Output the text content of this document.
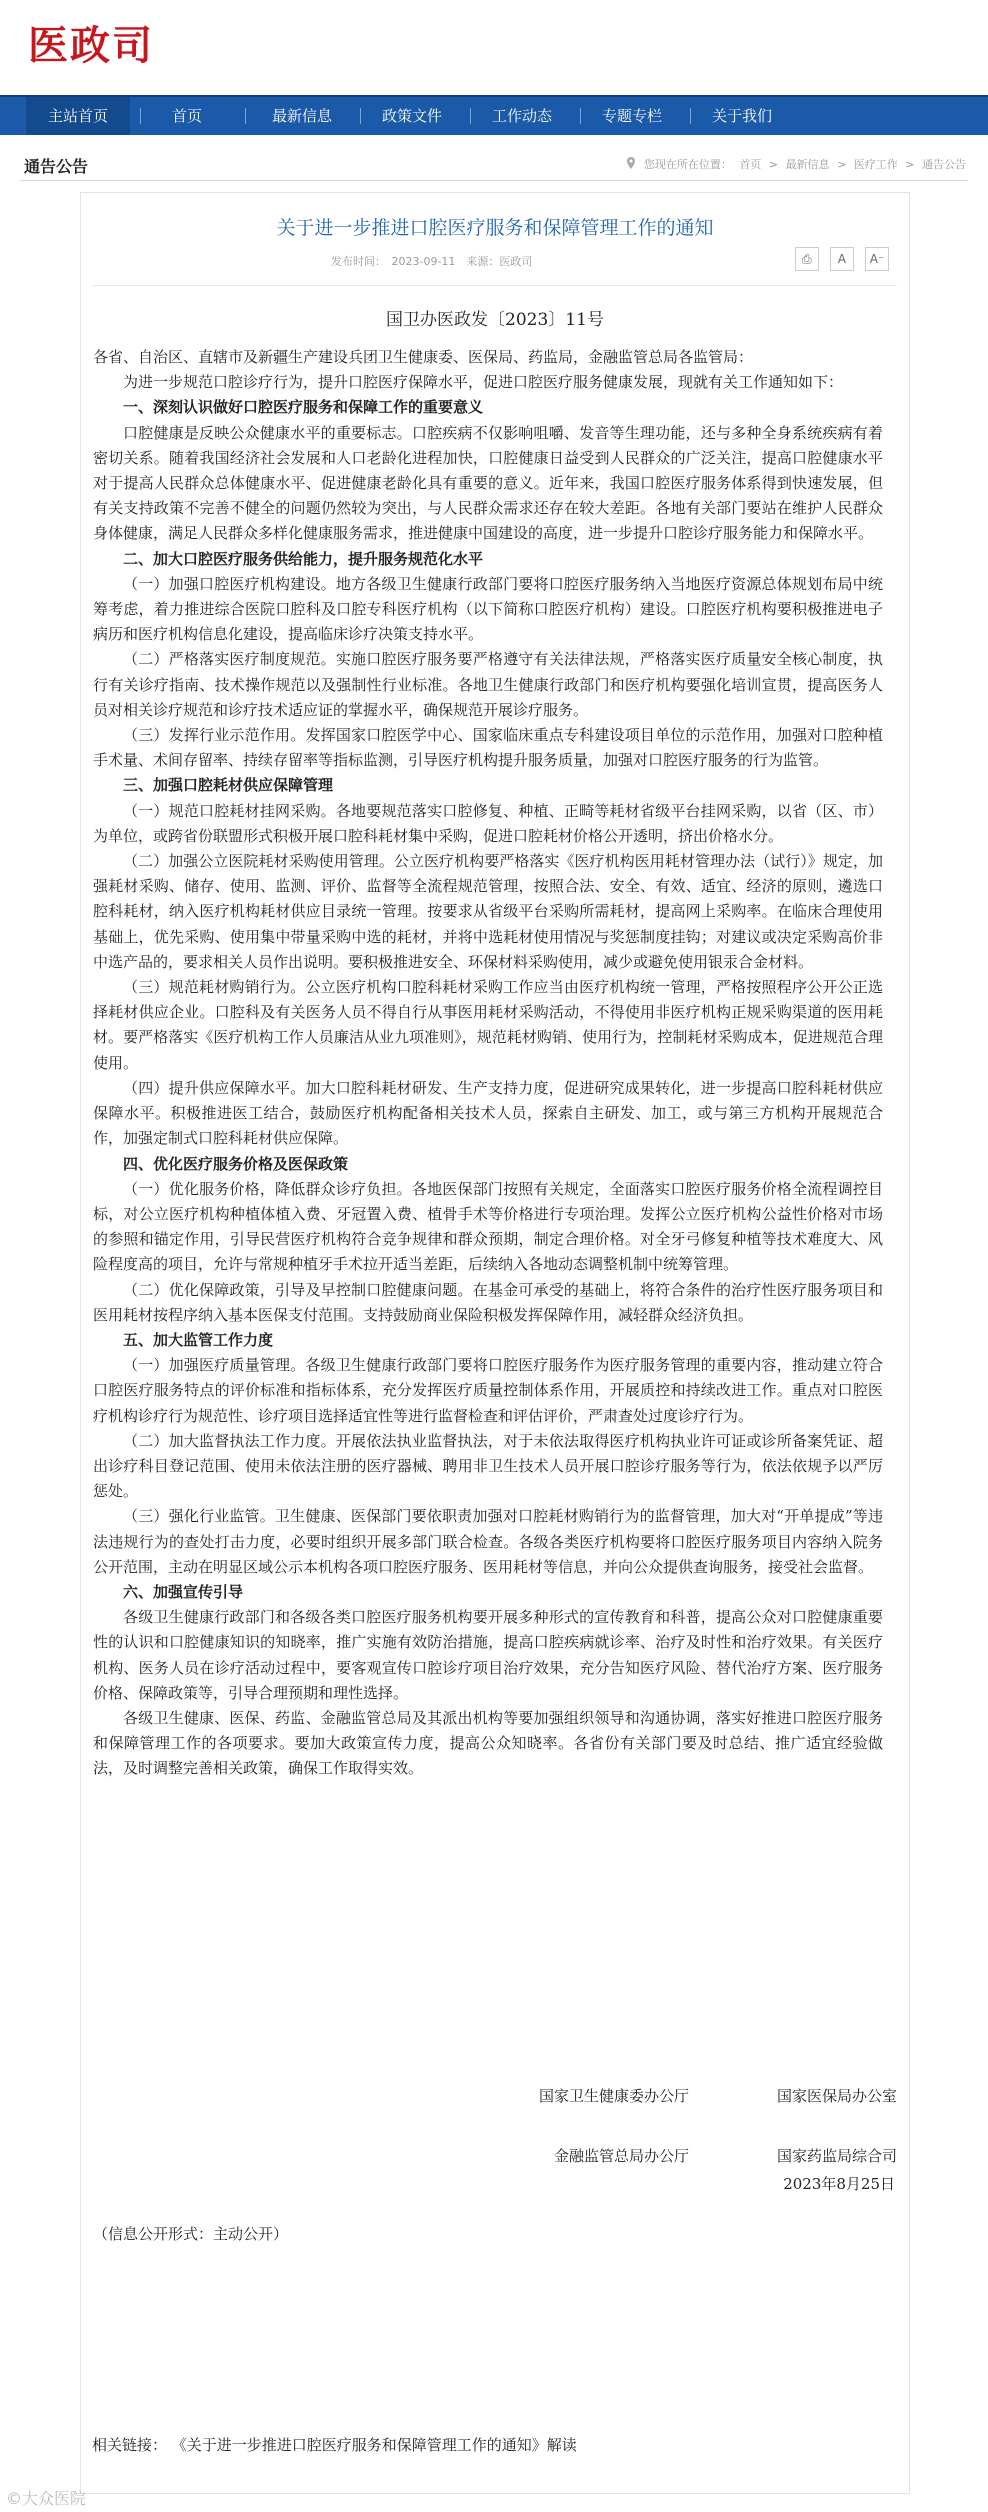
医政司
主站首页	首页	最新信息	政策文件	工作动态	专题专栏	关于我们
通告公告	您现在所在位置： 首页 > 最新信息 > 医疗工作 > 通告公告
关于进一步推进口腔医疗服务和保障管理工作的通知
发布时间：　2023-09-11　来源：医政司	⎙ A A⁻
国卫办医政发〔2023〕11号

各省、自治区、直辖市及新疆生产建设兵团卫生健康委、医保局、药监局，金融监管总局各监管局：

为进一步规范口腔诊疗行为，提升口腔医疗保障水平，促进口腔医疗服务健康发展，现就有关工作通知如下：

一、深刻认识做好口腔医疗服务和保障工作的重要意义

口腔健康是反映公众健康水平的重要标志。口腔疾病不仅影响咀嚼、发音等生理功能，还与多种全身系统疾病有着密切关系。随着我国经济社会发展和人口老龄化进程加快，口腔健康日益受到人民群众的广泛关注，提高口腔健康水平对于提高人民群众总体健康水平、促进健康老龄化具有重要的意义。近年来，我国口腔医疗服务体系得到快速发展，但有关支持政策不完善不健全的问题仍然较为突出，与人民群众需求还存在较大差距。各地有关部门要站在维护人民群众身体健康，满足人民群众多样化健康服务需求，推进健康中国建设的高度，进一步提升口腔诊疗服务能力和保障水平。

二、加大口腔医疗服务供给能力，提升服务规范化水平

（一）加强口腔医疗机构建设。地方各级卫生健康行政部门要将口腔医疗服务纳入当地医疗资源总体规划布局中统筹考虑，着力推进综合医院口腔科及口腔专科医疗机构（以下简称口腔医疗机构）建设。口腔医疗机构要积极推进电子病历和医疗机构信息化建设，提高临床诊疗决策支持水平。

（二）严格落实医疗制度规范。实施口腔医疗服务要严格遵守有关法律法规，严格落实医疗质量安全核心制度，执行有关诊疗指南、技术操作规范以及强制性行业标准。各地卫生健康行政部门和医疗机构要强化培训宣贯，提高医务人员对相关诊疗规范和诊疗技术适应证的掌握水平，确保规范开展诊疗服务。

（三）发挥行业示范作用。发挥国家口腔医学中心、国家临床重点专科建设项目单位的示范作用，加强对口腔种植手术量、术间存留率、持续存留率等指标监测，引导医疗机构提升服务质量，加强对口腔医疗服务的行为监管。

三、加强口腔耗材供应保障管理

（一）规范口腔耗材挂网采购。各地要规范落实口腔修复、种植、正畸等耗材省级平台挂网采购，以省（区、市）为单位，或跨省份联盟形式积极开展口腔科耗材集中采购，促进口腔耗材价格公开透明，挤出价格水分。

（二）加强公立医院耗材采购使用管理。公立医疗机构要严格落实《医疗机构医用耗材管理办法（试行）》规定，加强耗材采购、储存、使用、监测、评价、监督等全流程规范管理，按照合法、安全、有效、适宜、经济的原则，遴选口腔科耗材，纳入医疗机构耗材供应目录统一管理。按要求从省级平台采购所需耗材，提高网上采购率。在临床合理使用基础上，优先采购、使用集中带量采购中选的耗材，并将中选耗材使用情况与奖惩制度挂钩；对建议或决定采购高价非中选产品的，要求相关人员作出说明。要积极推进安全、环保材料采购使用，减少或避免使用银汞合金材料。

（三）规范耗材购销行为。公立医疗机构口腔科耗材采购工作应当由医疗机构统一管理，严格按照程序公开公正选择耗材供应企业。口腔科及有关医务人员不得自行从事医用耗材采购活动，不得使用非医疗机构正规采购渠道的医用耗材。要严格落实《医疗机构工作人员廉洁从业九项准则》，规范耗材购销、使用行为，控制耗材采购成本，促进规范合理使用。

（四）提升供应保障水平。加大口腔科耗材研发、生产支持力度，促进研究成果转化，进一步提高口腔科耗材供应保障水平。积极推进医工结合，鼓励医疗机构配备相关技术人员，探索自主研发、加工，或与第三方机构开展规范合作，加强定制式口腔科耗材供应保障。

四、优化医疗服务价格及医保政策

（一）优化服务价格，降低群众诊疗负担。各地医保部门按照有关规定，全面落实口腔医疗服务价格全流程调控目标，对公立医疗机构种植体植入费、牙冠置入费、植骨手术等价格进行专项治理。发挥公立医疗机构公益性价格对市场的参照和锚定作用，引导民营医疗机构符合竞争规律和群众预期，制定合理价格。对全牙弓修复种植等技术难度大、风险程度高的项目，允许与常规种植牙手术拉开适当差距，后续纳入各地动态调整机制中统筹管理。

（二）优化保障政策，引导及早控制口腔健康问题。在基金可承受的基础上，将符合条件的治疗性医疗服务项目和医用耗材按程序纳入基本医保支付范围。支持鼓励商业保险积极发挥保障作用，减轻群众经济负担。

五、加大监管工作力度

（一）加强医疗质量管理。各级卫生健康行政部门要将口腔医疗服务作为医疗服务管理的重要内容，推动建立符合口腔医疗服务特点的评价标准和指标体系，充分发挥医疗质量控制体系作用，开展质控和持续改进工作。重点对口腔医疗机构诊疗行为规范性、诊疗项目选择适宜性等进行监督检查和评估评价，严肃查处过度诊疗行为。

（二）加大监督执法工作力度。开展依法执业监督执法，对于未依法取得医疗机构执业许可证或诊所备案凭证、超出诊疗科目登记范围、使用未依法注册的医疗器械、聘用非卫生技术人员开展口腔诊疗服务等行为，依法依规予以严厉惩处。

（三）强化行业监管。卫生健康、医保部门要依职责加强对口腔耗材购销行为的监督管理，加大对“开单提成”等违法违规行为的查处打击力度，必要时组织开展多部门联合检查。各级各类医疗机构要将口腔医疗服务项目内容纳入院务公开范围，主动在明显区域公示本机构各项口腔医疗服务、医用耗材等信息，并向公众提供查询服务，接受社会监督。

六、加强宣传引导

各级卫生健康行政部门和各级各类口腔医疗服务机构要开展多种形式的宣传教育和科普，提高公众对口腔健康重要性的认识和口腔健康知识的知晓率，推广实施有效防治措施，提高口腔疾病就诊率、治疗及时性和治疗效果。有关医疗机构、医务人员在诊疗活动过程中，要客观宣传口腔诊疗项目治疗效果，充分告知医疗风险、替代治疗方案、医疗服务价格、保障政策等，引导合理预期和理性选择。

各级卫生健康、医保、药监、金融监管总局及其派出机构等要加强组织领导和沟通协调，落实好推进口腔医疗服务和保障管理工作的各项要求。要加大政策宣传力度，提高公众知晓率。各省份有关部门要及时总结、推广适宜经验做法，及时调整完善相关政策，确保工作取得实效。

国家卫生健康委办公厅	国家医保局办公室
金融监管总局办公厅	国家药监局综合司
2023年8月25日
（信息公开形式：主动公开）
相关链接： 《关于进一步推进口腔医疗服务和保障管理工作的通知》解读
©大众医院
